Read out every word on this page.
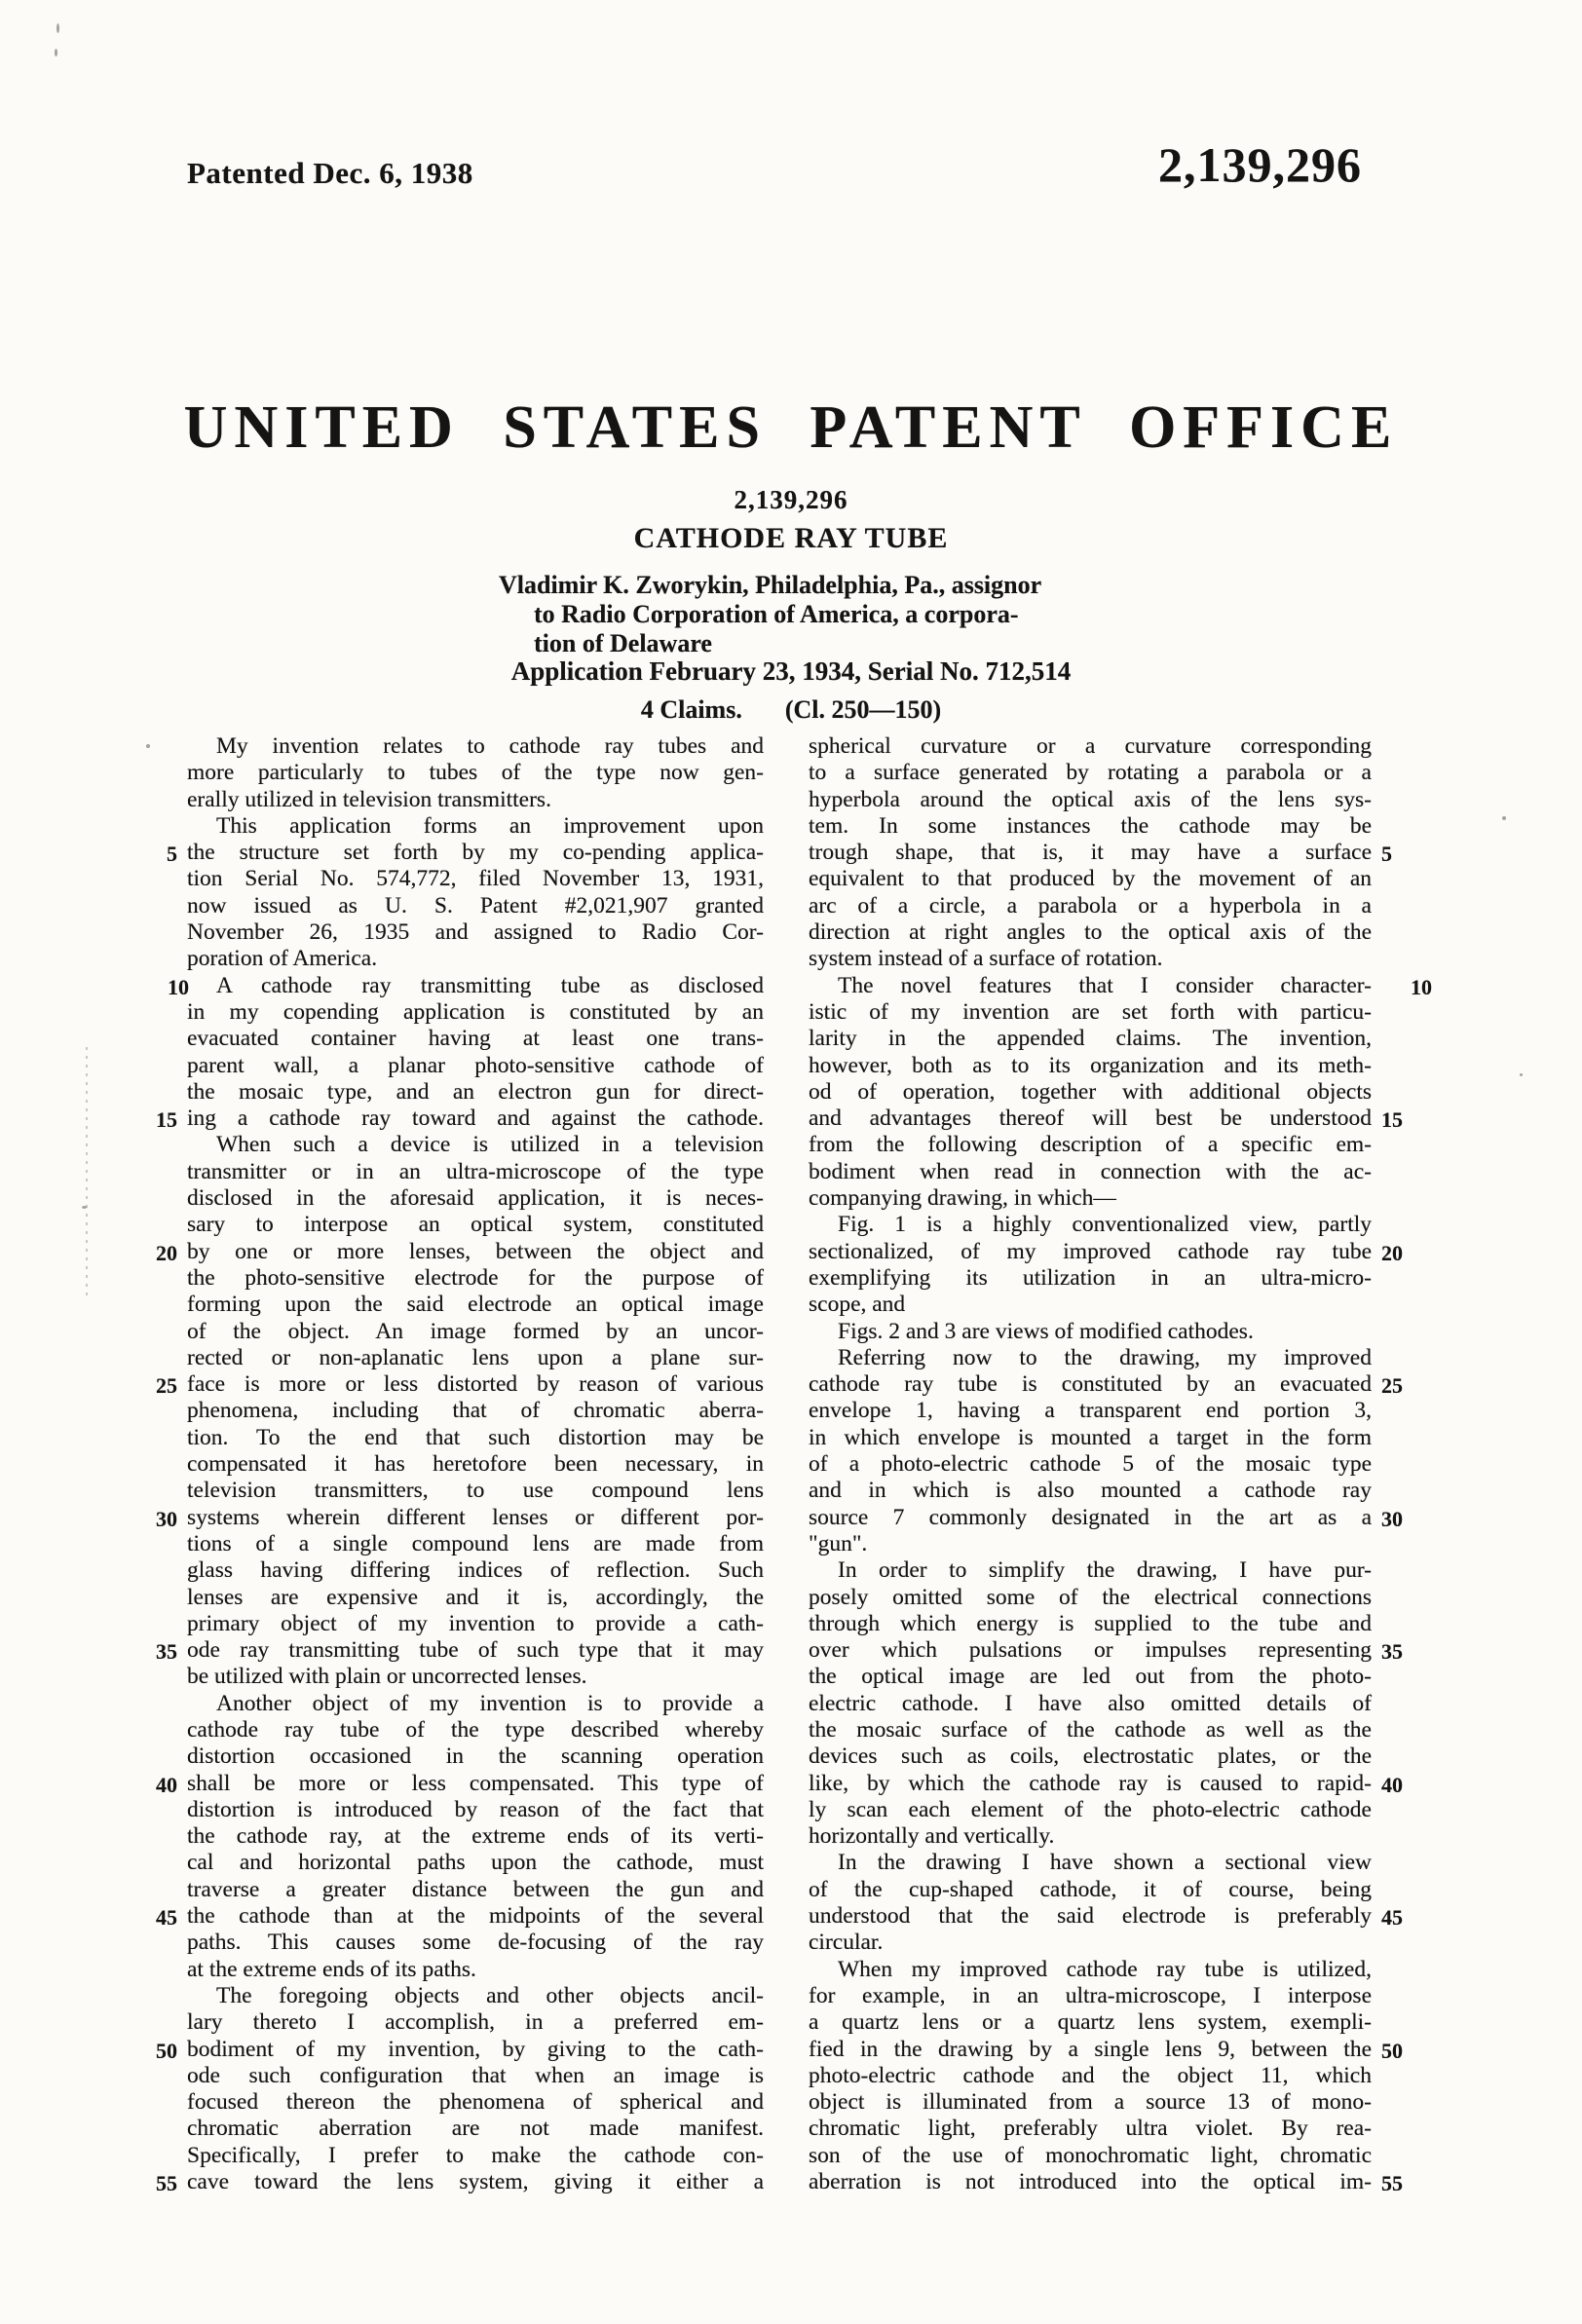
Patented Dec. 6, 1938	2,139,296
UNITED STATES PATENT OFFICE
2,139,296
CATHODE RAY TUBE
Vladimir K. Zworykin, Philadelphia, Pa., assignor
to Radio Corporation of America, a corpora-
tion of Delaware
Application February 23, 1934, Serial No. 712,514
4 Claims. (Cl. 250—150)
My invention relates to cathode ray tubes and
more particularly to tubes of the type now gen-
erally utilized in television transmitters.
This application forms an improvement upon
the structure set forth by my co-pending applica-
5
tion Serial No. 574,772, filed November 13, 1931,
now issued as U. S. Patent #2,021,907 granted
November 26, 1935 and assigned to Radio Cor-
poration of America.
A cathode ray transmitting tube as disclosed
10
in my copending application is constituted by an
evacuated container having at least one trans-
parent wall, a planar photo-sensitive cathode of
the mosaic type, and an electron gun for direct-
ing a cathode ray toward and against the cathode.
15
When such a device is utilized in a television
transmitter or in an ultra-microscope of the type
disclosed in the aforesaid application, it is neces-
sary to interpose an optical system, constituted
by one or more lenses, between the object and
20
the photo-sensitive electrode for the purpose of
forming upon the said electrode an optical image
of the object. An image formed by an uncor-
rected or non-aplanatic lens upon a plane sur-
face is more or less distorted by reason of various
25
phenomena, including that of chromatic aberra-
tion. To the end that such distortion may be
compensated it has heretofore been necessary, in
television transmitters, to use compound lens
systems wherein different lenses or different por-
30
tions of a single compound lens are made from
glass having differing indices of reflection. Such
lenses are expensive and it is, accordingly, the
primary object of my invention to provide a cath-
ode ray transmitting tube of such type that it may
35
be utilized with plain or uncorrected lenses.
Another object of my invention is to provide a
cathode ray tube of the type described whereby
distortion occasioned in the scanning operation
shall be more or less compensated. This type of
40
distortion is introduced by reason of the fact that
the cathode ray, at the extreme ends of its verti-
cal and horizontal paths upon the cathode, must
traverse a greater distance between the gun and
the cathode than at the midpoints of the several
45
paths. This causes some de-focusing of the ray
at the extreme ends of its paths.
The foregoing objects and other objects ancil-
lary thereto I accomplish, in a preferred em-
bodiment of my invention, by giving to the cath-
50
ode such configuration that when an image is
focused thereon the phenomena of spherical and
chromatic aberration are not made manifest.
Specifically, I prefer to make the cathode con-
cave toward the lens system, giving it either a
55
spherical curvature or a curvature corresponding
to a surface generated by rotating a parabola or a
hyperbola around the optical axis of the lens sys-
tem. In some instances the cathode may be
trough shape, that is, it may have a surface 5
equivalent to that produced by the movement of an
arc of a circle, a parabola or a hyperbola in a
direction at right angles to the optical axis of the
system instead of a surface of rotation.
The novel features that I consider character-	10
istic of my invention are set forth with particu-
larity in the appended claims. The invention,
however, both as to its organization and its meth-
od of operation, together with additional objects
and advantages thereof will best be understood 15
from the following description of a specific em-
bodiment when read in connection with the ac-
companying drawing, in which—
Fig. 1 is a highly conventionalized view, partly
sectionalized, of my improved cathode ray tube 20
exemplifying its utilization in an ultra-micro-
scope, and
Figs. 2 and 3 are views of modified cathodes.
Referring now to the drawing, my improved
cathode ray tube is constituted by an evacuated 25
envelope 1, having a transparent end portion 3,
in which envelope is mounted a target in the form
of a photo-electric cathode 5 of the mosaic type
and in which is also mounted a cathode ray
source 7 commonly designated in the art as a 30
"gun".
In order to simplify the drawing, I have pur-
posely omitted some of the electrical connections
through which energy is supplied to the tube and
over which pulsations or impulses representing 35
the optical image are led out from the photo-
electric cathode. I have also omitted details of
the mosaic surface of the cathode as well as the
devices such as coils, electrostatic plates, or the
like, by which the cathode ray is caused to rapid- 40
ly scan each element of the photo-electric cathode
horizontally and vertically.
In the drawing I have shown a sectional view
of the cup-shaped cathode, it of course, being
understood that the said electrode is preferably 45
circular.
When my improved cathode ray tube is utilized,
for example, in an ultra-microscope, I interpose
a quartz lens or a quartz lens system, exempli-
fied in the drawing by a single lens 9, between the 50
photo-electric cathode and the object 11, which
object is illuminated from a source 13 of mono-
chromatic light, preferably ultra violet. By rea-
son of the use of monochromatic light, chromatic
aberration is not introduced into the optical im- 55
